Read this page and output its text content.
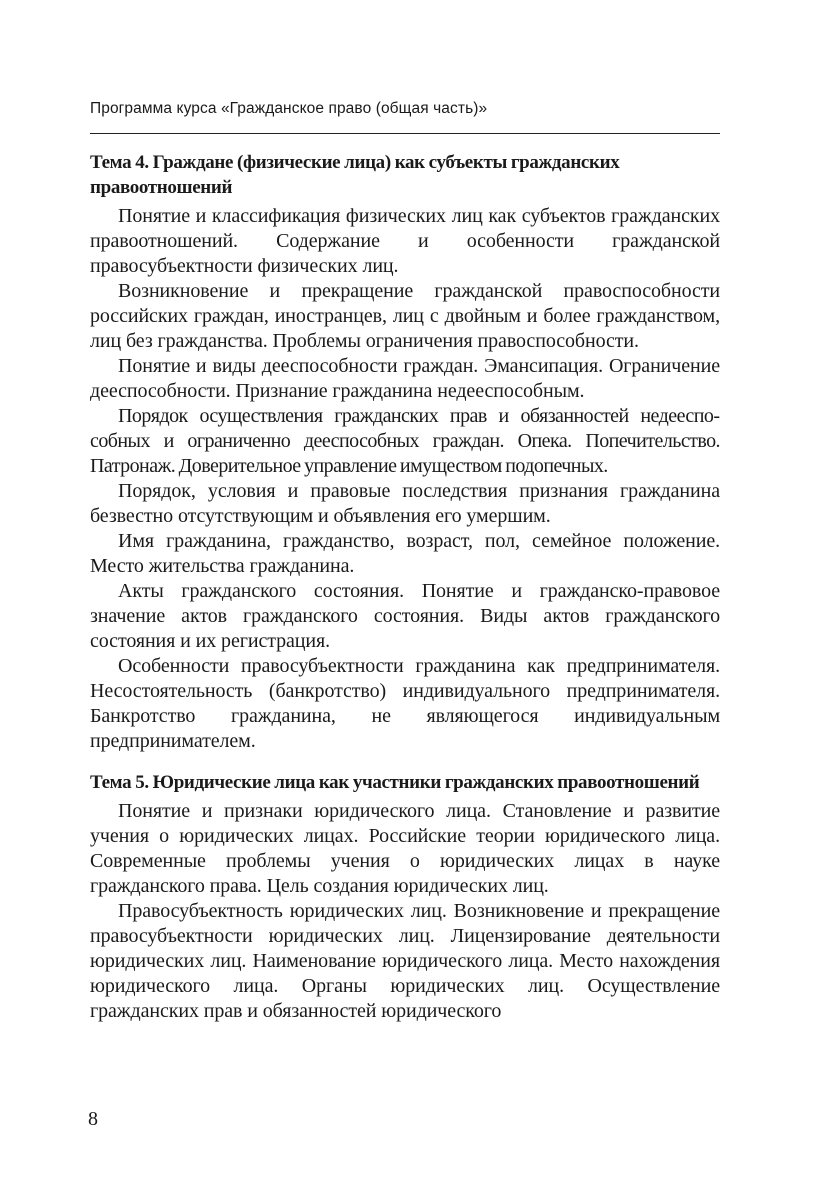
Программа курса «Гражданское право (общая часть)»
Тема 4. Граждане (физические лица) как субъекты гражданских правоотношений

Понятие и классификация физических лиц как субъектов гражданских правоотношений. Содержание и особенности гражданской правосубъектности физических лиц.

Возникновение и прекращение гражданской правоспособности российских граждан, иностранцев, лиц с двойным и более гражданством, лиц без гражданства. Проблемы ограничения правоспособности.

Понятие и виды дееспособности граждан. Эмансипация. Ограничение дееспособности. Признание гражданина недееспособным.

Порядок осуществления гражданских прав и обязанностей недееспособных и ограниченно дееспособных граждан. Опека. Попечительство. Патронаж. Доверительное управление имуществом подопечных.

Порядок, условия и правовые последствия признания гражданина безвестно отсутствующим и объявления его умершим.

Имя гражданина, гражданство, возраст, пол, семейное положение. Место жительства гражданина.

Акты гражданского состояния. Понятие и гражданско-правовое значение актов гражданского состояния. Виды актов гражданского состояния и их регистрация.

Особенности правосубъектности гражданина как предпринимателя. Несостоятельность (банкротство) индивидуального предпринимателя. Банкротство гражданина, не являющегося индивидуальным предпринимателем.

Тема 5. Юридические лица как участники гражданских правоотношений

Понятие и признаки юридического лица. Становление и развитие учения о юридических лицах. Российские теории юридического лица. Современные проблемы учения о юридических лицах в науке гражданского права. Цель создания юридических лиц.

Правосубъектность юридических лиц. Возникновение и прекращение правосубъектности юридических лиц. Лицензирование деятельности юридических лиц. Наименование юридического лица. Место нахождения юридического лица. Органы юридических лиц. Осуществление гражданских прав и обязанностей юридического

8
